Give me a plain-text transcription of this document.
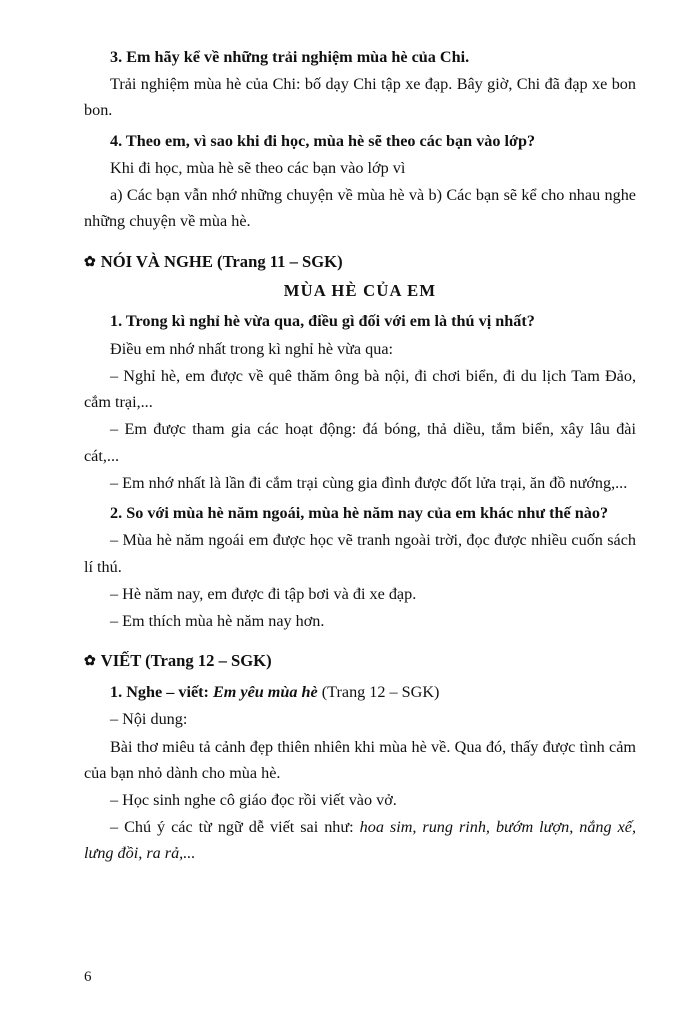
3. Em hãy kể về những trải nghiệm mùa hè của Chi.

Trải nghiệm mùa hè của Chi: bố dạy Chi tập xe đạp. Bây giờ, Chi đã đạp xe bon bon.

4. Theo em, vì sao khi đi học, mùa hè sẽ theo các bạn vào lớp?

Khi đi học, mùa hè sẽ theo các bạn vào lớp vì

a) Các bạn vẫn nhớ những chuyện về mùa hè và b) Các bạn sẽ kể cho nhau nghe những chuyện về mùa hè.

✿ NÓI VÀ NGHE (Trang 11 – SGK)

MÙA HÈ CỦA EM

1. Trong kì nghỉ hè vừa qua, điều gì đối với em là thú vị nhất?

Điều em nhớ nhất trong kì nghỉ hè vừa qua:

– Nghỉ hè, em được về quê thăm ông bà nội, đi chơi biển, đi du lịch Tam Đảo, cắm trại,...

– Em được tham gia các hoạt động: đá bóng, thả diều, tắm biển, xây lâu đài cát,...

– Em nhớ nhất là lần đi cắm trại cùng gia đình được đốt lửa trại, ăn đồ nướng,...

2. So với mùa hè năm ngoái, mùa hè năm nay của em khác như thế nào?

– Mùa hè năm ngoái em được học vẽ tranh ngoài trời, đọc được nhiều cuốn sách lí thú.

– Hè năm nay, em được đi tập bơi và đi xe đạp.

– Em thích mùa hè năm nay hơn.

✿ VIẾT (Trang 12 – SGK)

1. Nghe – viết: Em yêu mùa hè (Trang 12 – SGK)

– Nội dung:

Bài thơ miêu tả cảnh đẹp thiên nhiên khi mùa hè về. Qua đó, thấy được tình cảm của bạn nhỏ dành cho mùa hè.

– Học sinh nghe cô giáo đọc rồi viết vào vở.

– Chú ý các từ ngữ dễ viết sai như: hoa sim, rung rinh, bướm lượn, nắng xế, lưng đồi, ra rả,...

6
